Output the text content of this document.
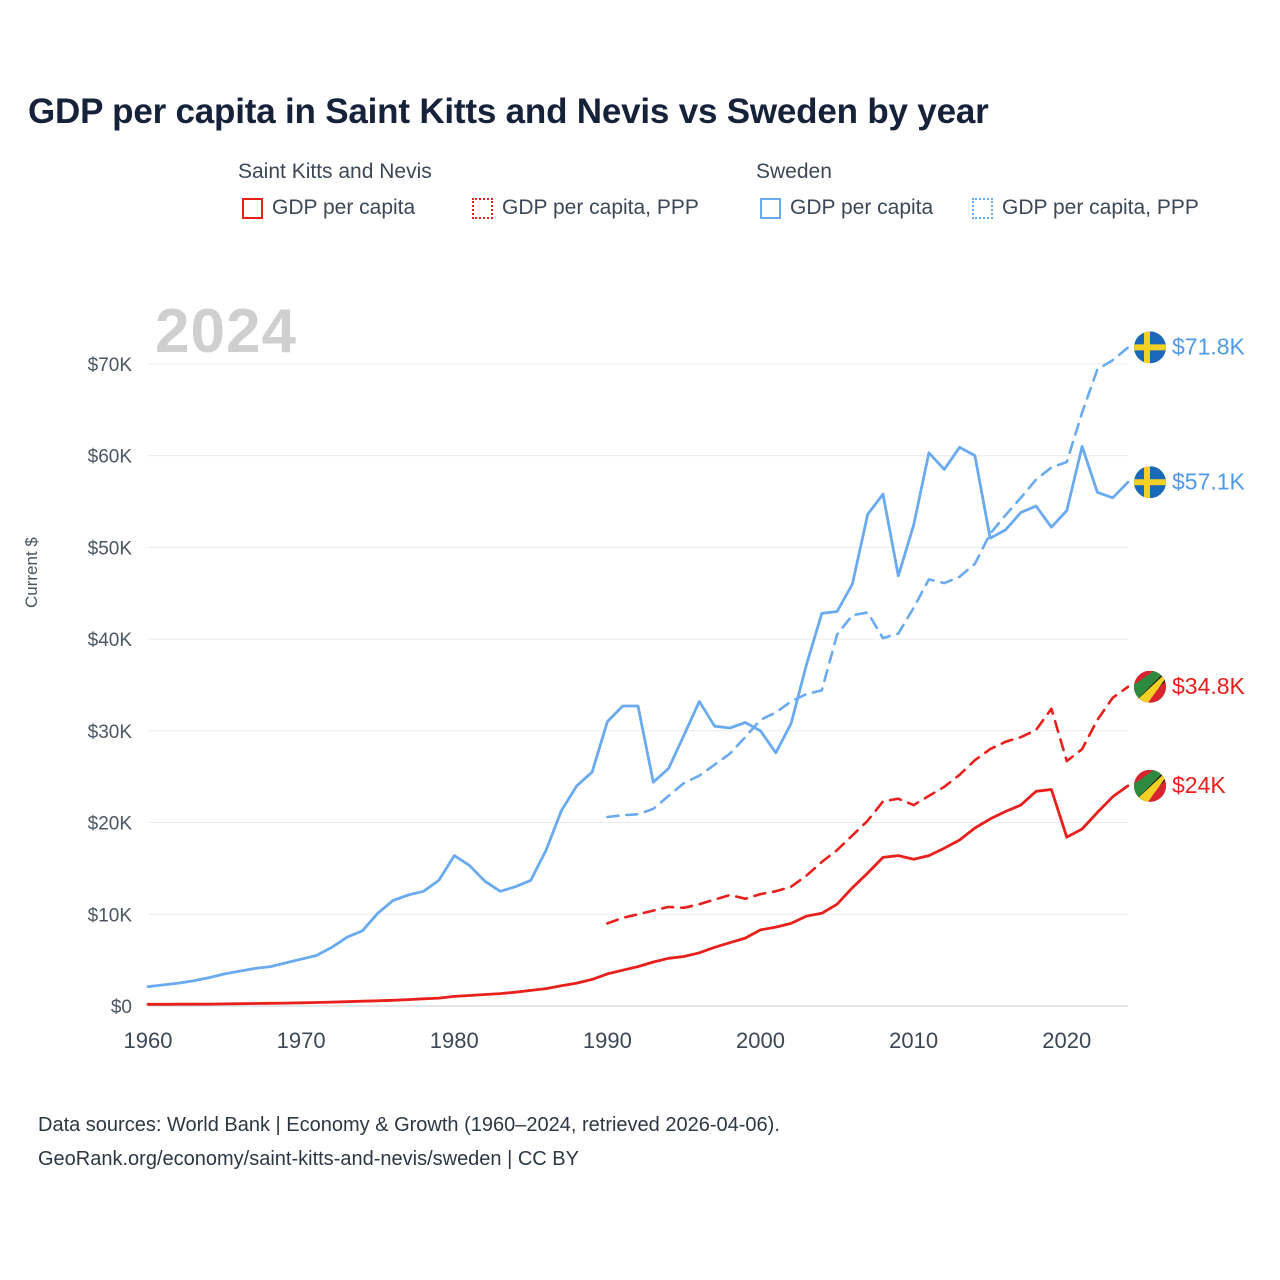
GDP per capita in Saint Kitts and Nevis vs Sweden by year
Saint Kitts and Nevis	Sweden
GDP per capita	GDP per capita, PPP	GDP per capita	GDP per capita, PPP
Current $
2024
$0
$10K
$20K
$30K
$40K
$50K
$60K
$70K
1960	1970	1980	1990	2000	2010	2020
$57.1K
$71.8K
$24K
$34.8K
Data sources: World Bank | Economy & Growth (1960–2024, retrieved 2026-04-06).
GeoRank.org/economy/saint-kitts-and-nevis/sweden | CC BY
